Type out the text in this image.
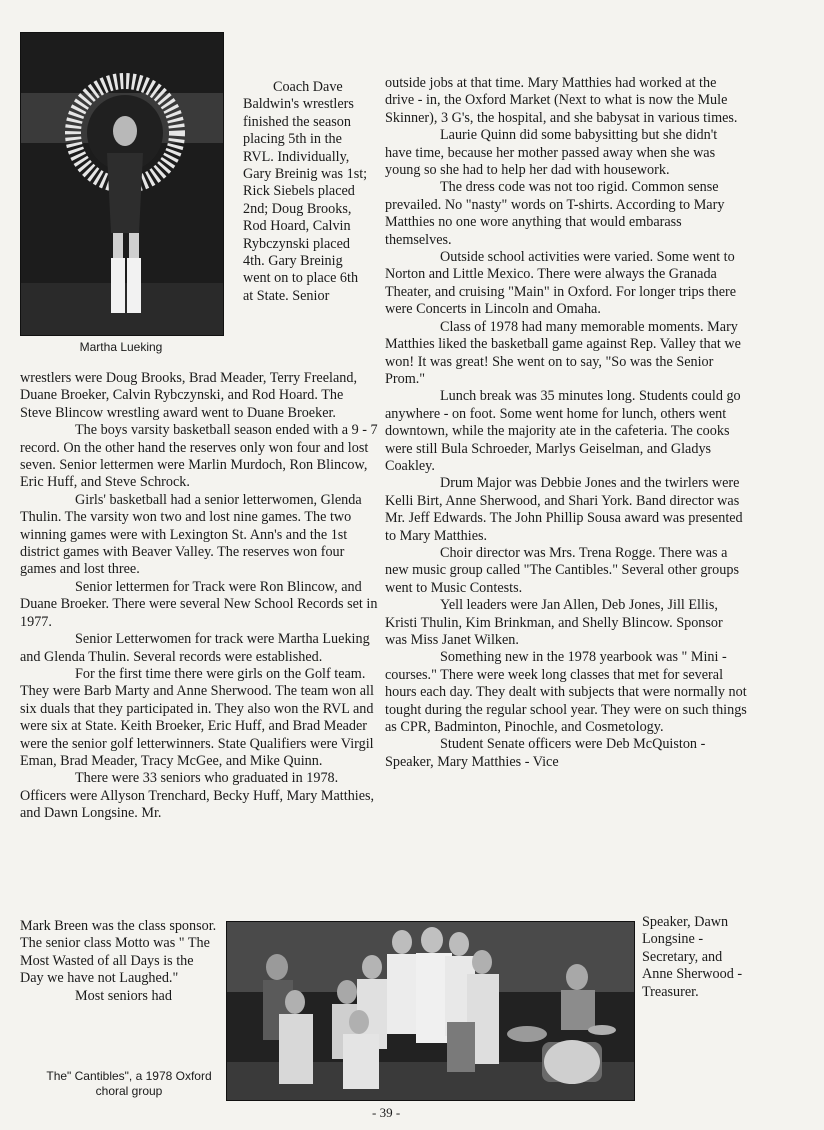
Martha Lueking
The" Cantibles", a 1978 Oxford
choral group

Coach Dave Baldwin's wrestlers finished the season placing 5th in the RVL. Individually, Gary Breinig was 1st; Rick Siebels placed 2nd; Doug Brooks, Rod Hoard, Calvin Rybczynski placed 4th. Gary Breinig went on to place 6th at State. Senior

wrestlers were Doug Brooks, Brad Meader, Terry Freeland, Duane Broeker, Calvin Rybczynski, and Rod Hoard. The Steve Blincow wrestling award went to Duane Broeker.

The boys varsity basketball season ended with a 9 - 7 record. On the other hand the reserves only won four and lost seven. Senior lettermen were Marlin Murdoch, Ron Blincow, Eric Huff, and Steve Schrock.

Girls' basketball had a senior letterwomen, Glenda Thulin. The varsity won two and lost nine games. The two winning games were with Lexington St. Ann's and the 1st district games with Beaver Valley. The reserves won four games and lost three.

Senior lettermen for Track were Ron Blincow, and Duane Broeker. There were several New School Records set in 1977.

Senior Letterwomen for track were Martha Lueking and Glenda Thulin. Several records were established.

For the first time there were girls on the Golf team. They were Barb Marty and Anne Sherwood. The team won all six duals that they participated in. They also won the RVL and were six at State. Keith Broeker, Eric Huff, and Brad Meader were the senior golf letterwinners. State Qualifiers were Virgil Eman, Brad Meader, Tracy McGee, and Mike Quinn.

There were 33 seniors who graduated in 1978. Officers were Allyson Trenchard, Becky Huff, Mary Matthies, and Dawn Longsine. Mr.

Mark Breen was the class sponsor. The senior class Motto was " The Most Wasted of all Days is the Day we have not Laughed."

Most seniors had

outside jobs at that time. Mary Matthies had worked at the drive - in, the Oxford Market (Next to what is now the Mule Skinner), 3 G's, the hospital, and she babysat in various times.

Laurie Quinn did some babysitting but she didn't have time, because her mother passed away when she was young so she had to help her dad with housework.

The dress code was not too rigid. Common sense prevailed. No "nasty" words on T-shirts. According to Mary Matthies no one wore anything that would embarass themselves.

Outside school activities were varied. Some went to Norton and Little Mexico. There were always the Granada Theater, and cruising "Main" in Oxford. For longer trips there were Concerts in Lincoln and Omaha.

Class of 1978 had many memorable moments. Mary Matthies liked the basketball game against Rep. Valley that we won! It was great! She went on to say, "So was the Senior Prom."

Lunch break was 35 minutes long. Students could go anywhere - on foot. Some went home for lunch, others went downtown, while the majority ate in the cafeteria. The cooks were still Bula Schroeder, Marlys Geiselman, and Gladys Coakley.

Drum Major was Debbie Jones and the twirlers were Kelli Birt, Anne Sherwood, and Shari York. Band director was Mr. Jeff Edwards. The John Phillip Sousa award was presented to Mary Matthies.

Choir director was Mrs. Trena Rogge. There was a new music group called "The Cantibles." Several other groups went to Music Contests.

Yell leaders were Jan Allen, Deb Jones, Jill Ellis, Kristi Thulin, Kim Brinkman, and Shelly Blincow. Sponsor was Miss Janet Wilken.

Something new in the 1978 yearbook was " Mini - courses." There were week long classes that met for several hours each day. They dealt with subjects that were normally not tought during the regular school year. They were on such things as CPR, Badminton, Pinochle, and Cosmetology.

Student Senate officers were Deb McQuiston - Speaker, Mary Matthies - Vice

Speaker, Dawn Longsine - Secretary, and Anne Sherwood - Treasurer.

- 39 -
